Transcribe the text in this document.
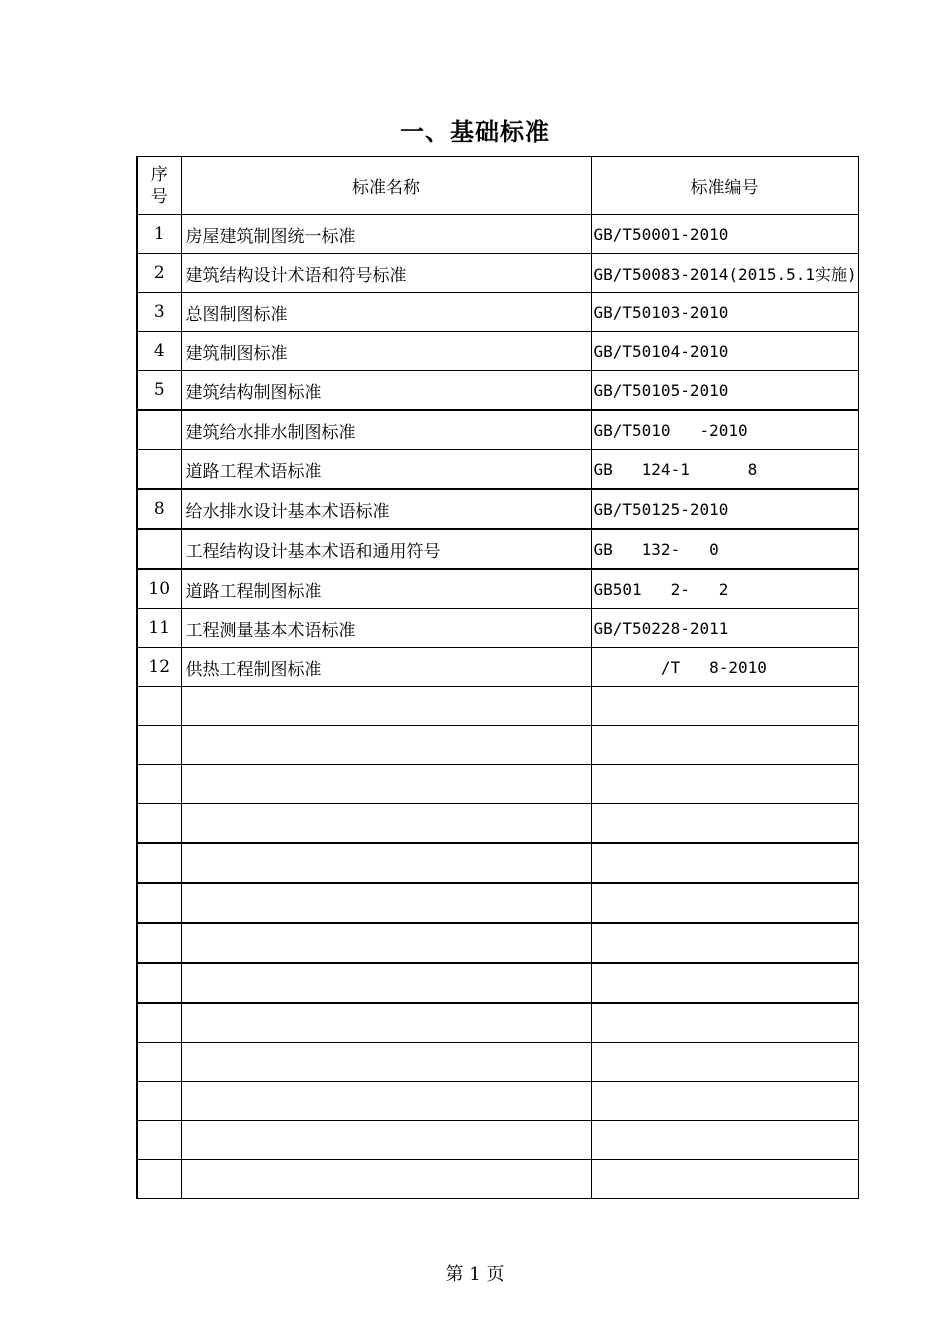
一、基础标准
序
号	标准名称	标准编号
1	房屋建筑制图统一标准	GB/T50001-2010
2	建筑结构设计术语和符号标准	GB/T50083-2014(2015.5.1实施)
3	总图制图标准	GB/T50103-2010
4	建筑制图标准	GB/T50104-2010
5	建筑结构制图标准	GB/T50105-2010
	建筑给水排水制图标准	GB/T5010   -2010
	道路工程术语标准	GB   124-1      8
8	给水排水设计基本术语标准	GB/T50125-2010
	工程结构设计基本术语和通用符号	GB   132-   0
10	道路工程制图标准	GB501   2-   2
11	工程测量基本术语标准	GB/T50228-2011
12	供热工程制图标准	/T   8-2010

第 1 页
